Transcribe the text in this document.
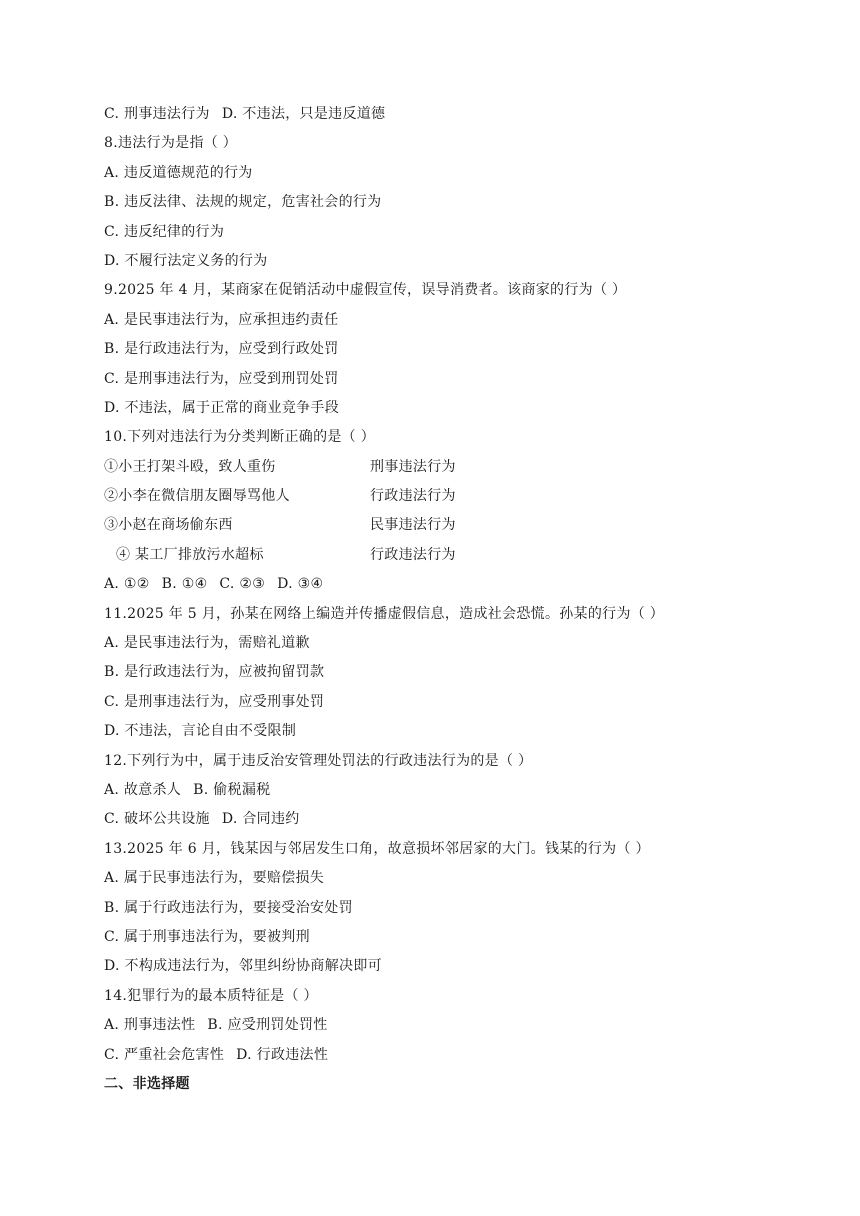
C. 刑事违法行为 D. 不违法，只是违反道德
8.违法行为是指（ ）
A. 违反道德规范的行为
B. 违反法律、法规的规定，危害社会的行为
C. 违反纪律的行为
D. 不履行法定义务的行为
9.2025 年 4 月，某商家在促销活动中虚假宣传，误导消费者。该商家的行为（ ）
A. 是民事违法行为，应承担违约责任
B. 是行政违法行为，应受到行政处罚
C. 是刑事违法行为，应受到刑罚处罚
D. 不违法，属于正常的商业竞争手段
10.下列对违法行为分类判断正确的是（ ）
①小王打架斗殴，致人重伤	刑事违法行为
②小李在微信朋友圈辱骂他人	行政违法行为
③小赵在商场偷东西	民事违法行为
④ 某工厂排放污水超标	行政违法行为
A. ①② B. ①④ C. ②③ D. ③④
11.2025 年 5 月，孙某在网络上编造并传播虚假信息，造成社会恐慌。孙某的行为（ ）
A. 是民事违法行为，需赔礼道歉
B. 是行政违法行为，应被拘留罚款
C. 是刑事违法行为，应受刑事处罚
D. 不违法，言论自由不受限制
12.下列行为中，属于违反治安管理处罚法的行政违法行为的是（ ）
A. 故意杀人 B. 偷税漏税
C. 破坏公共设施 D. 合同违约
13.2025 年 6 月，钱某因与邻居发生口角，故意损坏邻居家的大门。钱某的行为（ ）
A. 属于民事违法行为，要赔偿损失
B. 属于行政违法行为，要接受治安处罚
C. 属于刑事违法行为，要被判刑
D. 不构成违法行为，邻里纠纷协商解决即可
14.犯罪行为的最本质特征是（ ）
A. 刑事违法性 B. 应受刑罚处罚性
C. 严重社会危害性 D. 行政违法性
二、非选择题
